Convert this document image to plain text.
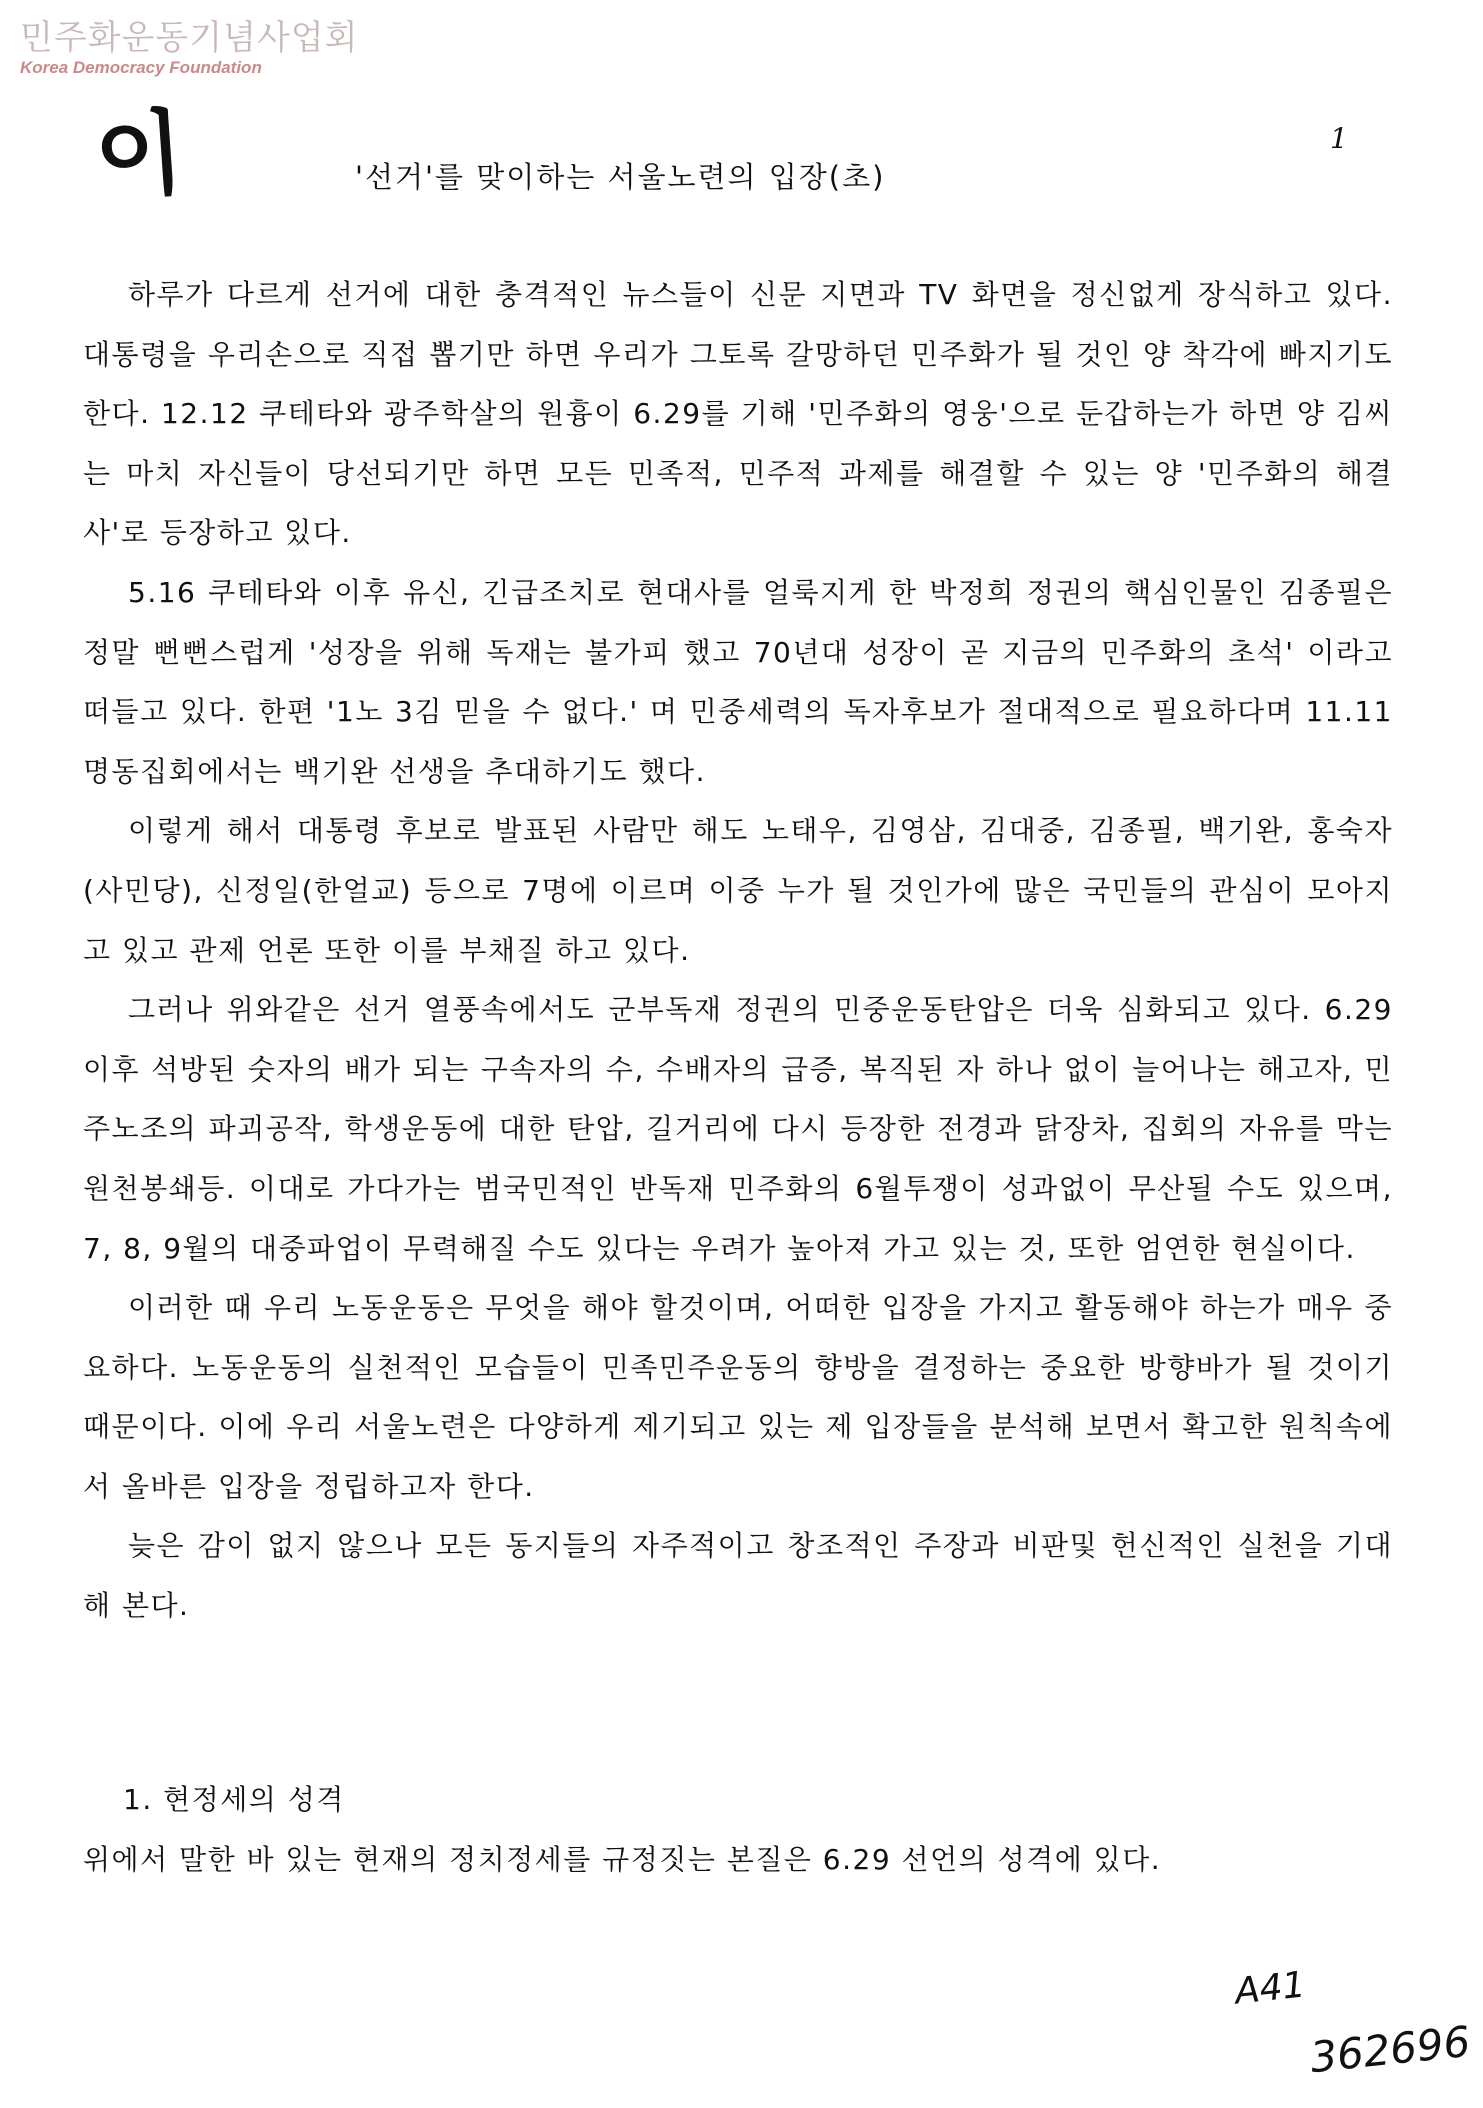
민주화운동기념사업회
Korea Democracy Foundation
이	1
'선거'를 맞이하는 서울노련의 입장(초)

하루가 다르게 선거에 대한 충격적인 뉴스들이 신문 지면과 TV 화면을 정신없게 장식하고 있다. 대통령을 우리손으로 직접 뽑기만 하면 우리가 그토록 갈망하던 민주화가 될 것인 양 착각에 빠지기도 한다. 12.12 쿠테타와 광주학살의 원흉이 6.29를 기해 '민주화의 영웅'으로 둔갑하는가 하면 양 김씨는 마치 자신들이 당선되기만 하면 모든 민족적, 민주적 과제를 해결할 수 있는 양 '민주화의 해결사'로 등장하고 있다.

5.16 쿠테타와 이후 유신, 긴급조치로 현대사를 얼룩지게 한 박정희 정권의 핵심인물인 김종필은 정말 뻔뻔스럽게 '성장을 위해 독재는 불가피 했고 70년대 성장이 곧 지금의 민주화의 초석' 이라고 떠들고 있다. 한편 '1노 3김 믿을 수 없다.' 며 민중세력의 독자후보가 절대적으로 필요하다며 11.11 명동집회에서는 백기완 선생을 추대하기도 했다.

이렇게 해서 대통령 후보로 발표된 사람만 해도 노태우, 김영삼, 김대중, 김종필, 백기완, 홍숙자(사민당), 신정일(한얼교) 등으로 7명에 이르며 이중 누가 될 것인가에 많은 국민들의 관심이 모아지고 있고 관제 언론 또한 이를 부채질 하고 있다.

그러나 위와같은 선거 열풍속에서도 군부독재 정권의 민중운동탄압은 더욱 심화되고 있다. 6.29 이후 석방된 숫자의 배가 되는 구속자의 수, 수배자의 급증, 복직된 자 하나 없이 늘어나는 해고자, 민주노조의 파괴공작, 학생운동에 대한 탄압, 길거리에 다시 등장한 전경과 닭장차, 집회의 자유를 막는 원천봉쇄등. 이대로 가다가는 범국민적인 반독재 민주화의 6월투쟁이 성과없이 무산될 수도 있으며, 7, 8, 9월의 대중파업이 무력해질 수도 있다는 우려가 높아져 가고 있는 것, 또한 엄연한 현실이다.

이러한 때 우리 노동운동은 무엇을 해야 할것이며, 어떠한 입장을 가지고 활동해야 하는가 매우 중요하다. 노동운동의 실천적인 모습들이 민족민주운동의 향방을 결정하는 중요한 방향바가 될 것이기 때문이다. 이에 우리 서울노련은 다양하게 제기되고 있는 제 입장들을 분석해 보면서 확고한 원칙속에서 올바른 입장을 정립하고자 한다.

늦은 감이 없지 않으나 모든 동지들의 자주적이고 창조적인 주장과 비판및 헌신적인 실천을 기대해 본다.

1. 현정세의 성격

위에서 말한 바 있는 현재의 정치정세를 규정짓는 본질은 6.29 선언의 성격에 있다.

A41
362696
